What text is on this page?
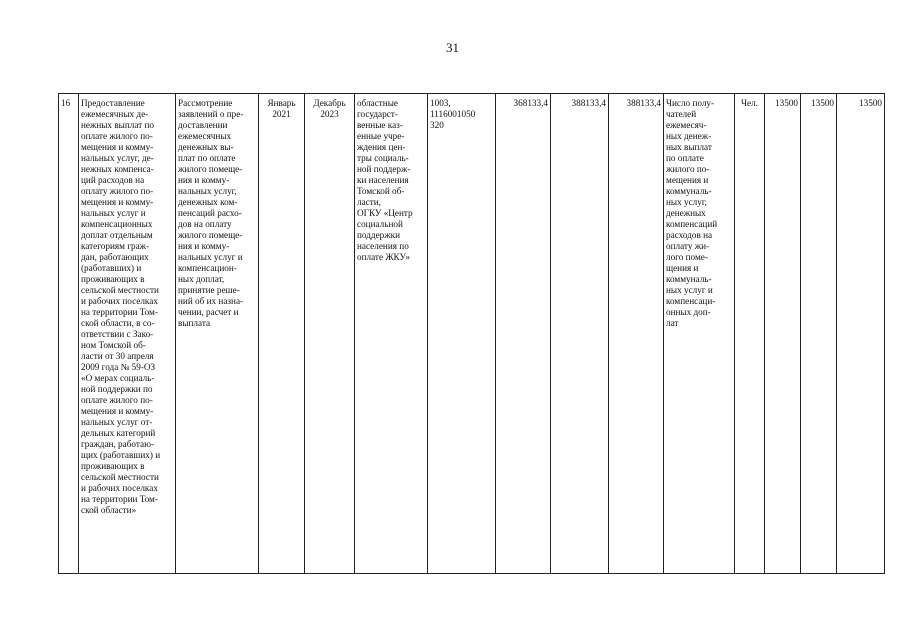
31
16	Предоставление
ежемесячных де-
нежных выплат по
оплате жилого по-
мещения и комму-
нальных услуг, де-
нежных компенса-
ций расходов на
оплату жилого по-
мещения и комму-
нальных услуг и
компенсационных
доплат отдельным
категориям граж-
дан, работающих
(работавших) и
проживающих в
сельской местности
и рабочих поселках
на территории Том-
ской области, в со-
ответствии с Зако-
ном Томской об-
ласти от 30 апреля
2009 года № 59-ОЗ
«О мерах социаль-
ной поддержки по
оплате жилого по-
мещения и комму-
нальных услуг от-
дельных категорий
граждан, работаю-
щих (работавших) и
проживающих в
сельской местности
и рабочих поселках
на территории Том-
ской области»	Рассмотрение
заявлений о пре-
доставлении
ежемесячных
денежных вы-
плат по оплате
жилого помеще-
ния и комму-
нальных услуг,
денежных ком-
пенсаций расхо-
дов на оплату
жилого помеще-
ния и комму-
нальных услуг и
компенсацион-
ных доплат,
принятие реше-
ний об их назна-
чении, расчет и
выплата	Январь
2021	Декабрь
2023	областные
государст-
венные каз-
енные учре-
ждения цен-
тры социаль-
ной поддерж-
ки населения
Томской об-
ласти,
ОГКУ «Центр
социальной
поддержки
населения по
оплате ЖКУ»	1003,
1116001050
320	368133,4	388133,4	388133,4	Число полу-
чателей
ежемесяч-
ных денеж-
ных выплат
по оплате
жилого по-
мещения и
коммуналь-
ных услуг,
денежных
компенсаций
расходов на
оплату жи-
лого поме-
щения и
коммуналь-
ных услуг и
компенсаци-
онных доп-
лат	Чел.	13500	13500	13500
